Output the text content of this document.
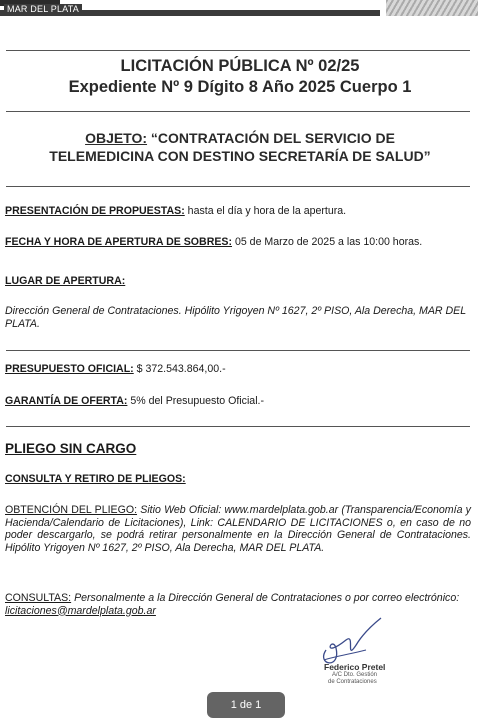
MAR DEL PLATA
LICITACIÓN PÚBLICA Nº 02/25
Expediente Nº 9 Dígito 8 Año 2025 Cuerpo 1
OBJETO: “CONTRATACIÓN DEL SERVICIO DE
TELEMEDICINA CON DESTINO SECRETARÍA DE SALUD”
PRESENTACIÓN DE PROPUESTAS: hasta el día y hora de la apertura.
FECHA Y HORA DE APERTURA DE SOBRES: 05 de Marzo de 2025 a las 10:00 horas.
LUGAR DE APERTURA:
Dirección General de Contrataciones. Hipólito Yrigoyen Nº 1627, 2º PISO, Ala Derecha, MAR DEL PLATA.
PRESUPUESTO OFICIAL: $ 372.543.864,00.-
GARANTÍA DE OFERTA: 5% del Presupuesto Oficial.-
PLIEGO SIN CARGO
CONSULTA Y RETIRO DE PLIEGOS:
OBTENCIÓN DEL PLIEGO: Sitio Web Oficial: www.mardelplata.gob.ar (Transparencia/Economía y Hacienda/Calendario de Licitaciones), Link: CALENDARIO DE LICITACIONES o, en caso de no poder descargarlo, se podrá retirar personalmente en la Dirección General de Contrataciones. Hipólito Yrigoyen Nº 1627, 2º PISO, Ala Derecha, MAR DEL PLATA.
CONSULTAS: Personalmente a la Dirección General de Contrataciones o por correo electrónico: licitaciones@mardelplata.gob.ar
Federico Pretel
A/C Dto. Gestión
de Contrataciones
1 de 1
